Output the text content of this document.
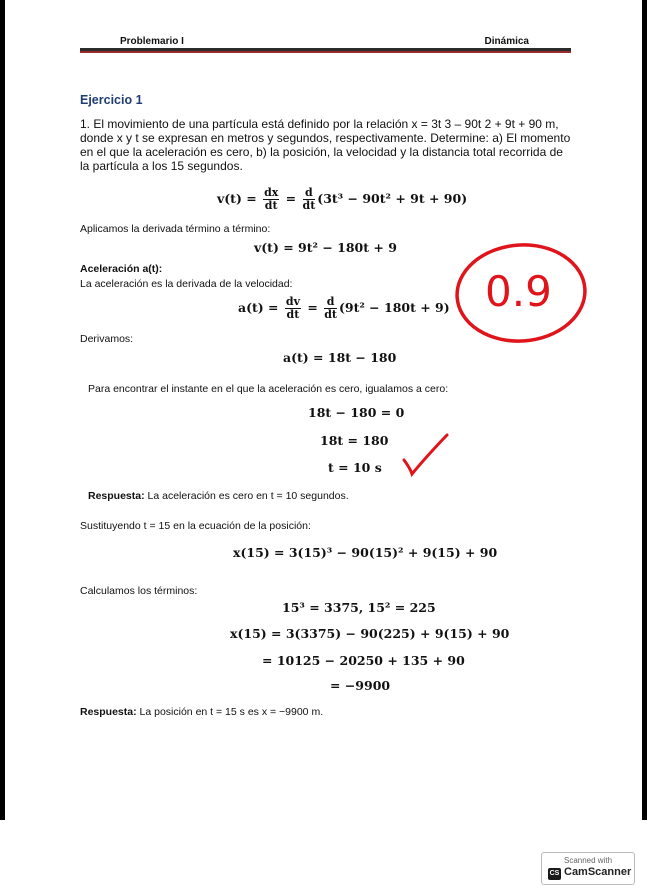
Problemario I	Dinámica
Ejercicio 1
1. El movimiento de una partícula está definido por la relación x = 3t 3 – 90t 2 + 9t + 90 m, donde x y t se expresan en metros y segundos, respectivamente. Determine: a) El momento en el que la aceleración es cero, b) la posición, la velocidad y la distancia total recorrida de la partícula a los 15 segundos.
$v(t) = \frac{dx}{dt} = \frac{d}{dt} (3t^3 - 90t^2 + 9t + 90)$
Aplicamos la derivada término a término:
v(t) = 9t² − 180t + 9
Aceleración a(t):
La aceleración es la derivada de la velocidad:
$a(t) = \frac{dv}{dt} = \frac{d}{dt} (9t^2 - 180t + 9)$
Derivamos:
a(t) = 18t − 180
Para encontrar el instante en el que la aceleración es cero, igualamos a cero:
18t − 180 = 0
18t = 180
t = 10 s
Respuesta: La aceleración es cero en t = 10 segundos.
Sustituyendo t = 15 en la ecuación de la posición:
x(15) = 3(15)³ − 90(15)² + 9(15) + 90
Calculamos los términos:
15³ = 3375, 15² = 225
x(15) = 3(3375) − 90(225) + 9(15) + 90
= 10125 − 20250 + 135 + 90
= −9900
Respuesta: La posición en t = 15 s es x = −9900 m.
0.9
Scanned with
CS CamScanner
